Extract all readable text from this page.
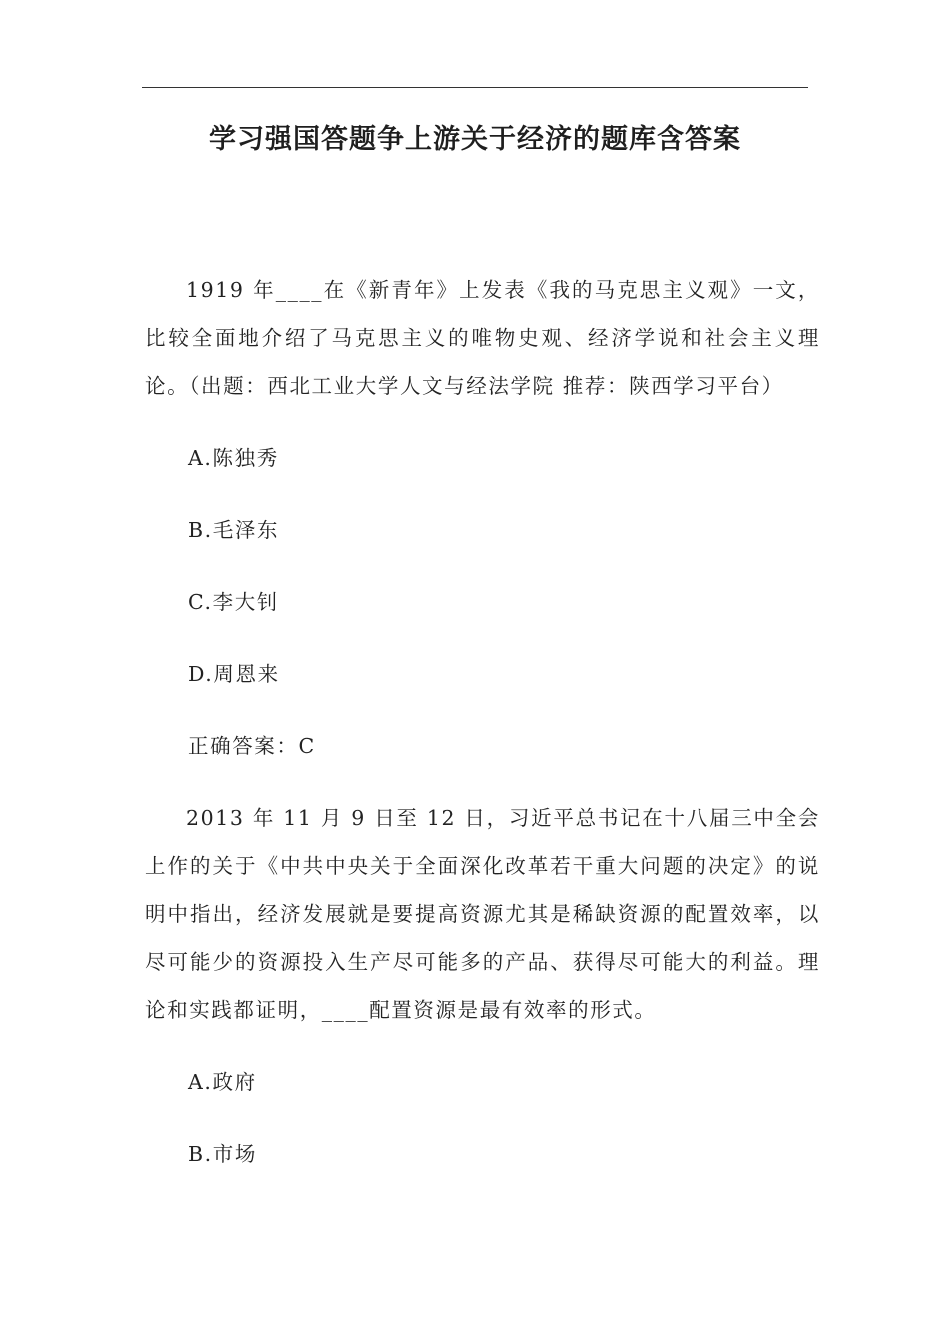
学习强国答题争上游关于经济的题库含答案

1919 年____在《新青年》上发表《我的马克思主义观》一文，比较全面地介绍了马克思主义的唯物史观、经济学说和社会主义理论。（出题：西北工业大学人文与经法学院 推荐：陕西学习平台）

A.陈独秀

B.毛泽东

C.李大钊

D.周恩来

正确答案：C

2013 年 11 月 9 日至 12 日，习近平总书记在十八届三中全会上作的关于《中共中央关于全面深化改革若干重大问题的决定》的说明中指出，经济发展就是要提高资源尤其是稀缺资源的配置效率，以尽可能少的资源投入生产尽可能多的产品、获得尽可能大的利益。理论和实践都证明，____配置资源是最有效率的形式。

A.政府

B.市场
